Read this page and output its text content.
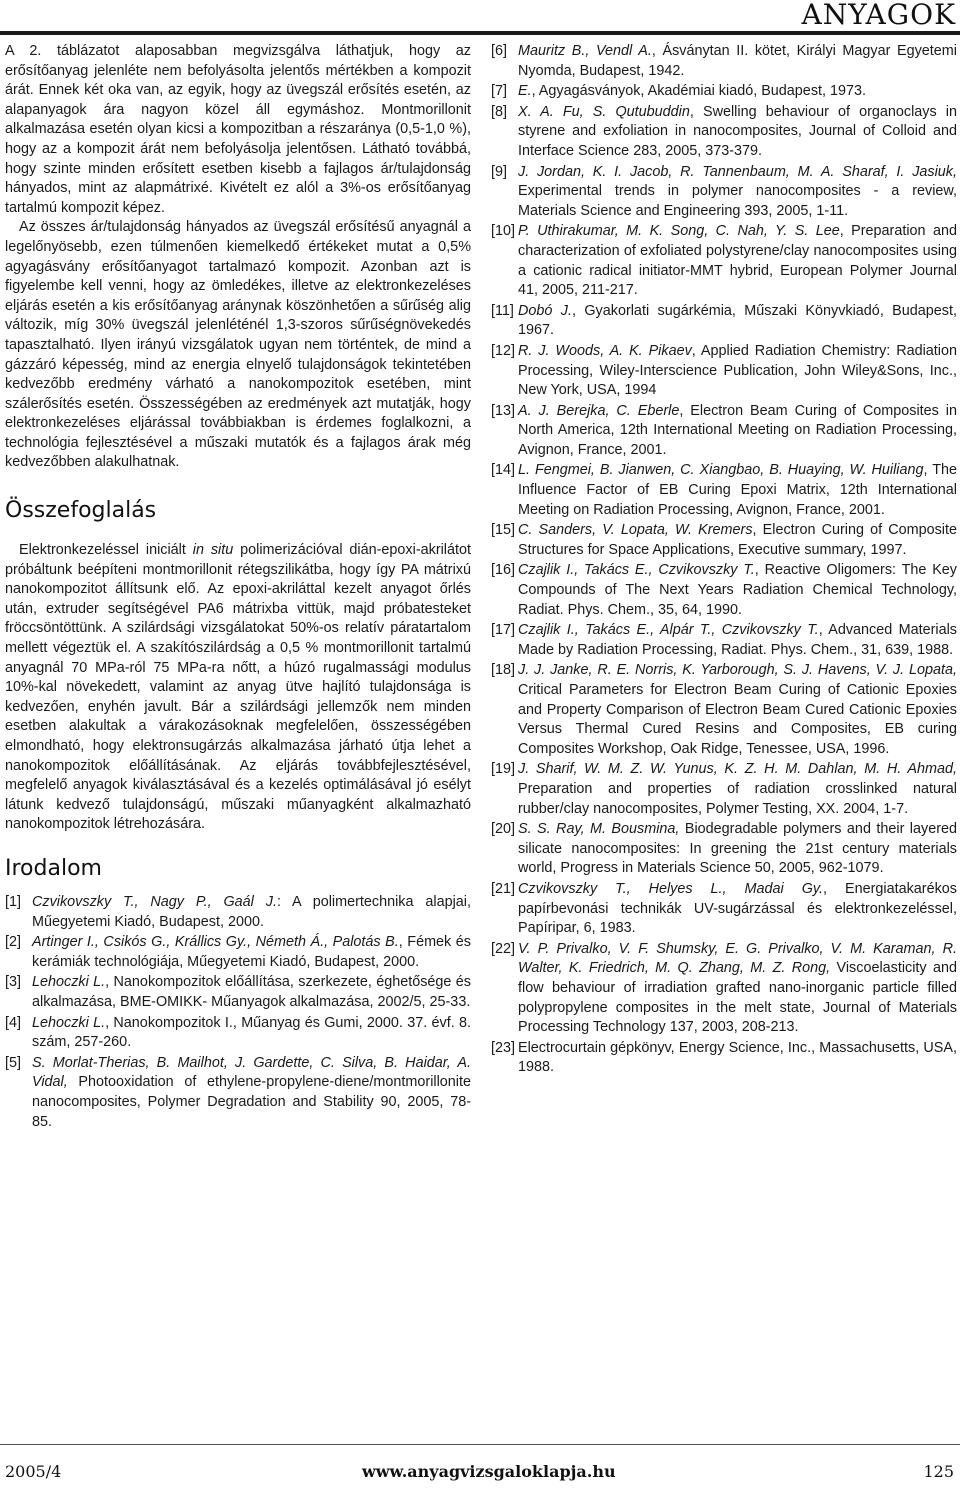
ANYAGOK

A 2. táblázatot alaposabban megvizsgálva láthatjuk, hogy az erősítőanyag jelenléte nem befolyásolta jelentős mértékben a kompozit árát. Ennek két oka van, az egyik, hogy az üvegszál erősítés esetén, az alapanyagok ára nagyon közel áll egymáshoz. Montmorillonit alkalmazása esetén olyan kicsi a kompozitban a részaránya (0,5-1,0 %), hogy az a kompozit árát nem befolyásolja jelentősen. Látható továbbá, hogy szinte minden erősített esetben kisebb a fajlagos ár/tulajdonság hányados, mint az alapmátrixé. Kivételt ez alól a 3%-os erősítőanyag tartalmú kompozit képez.

Az összes ár/tulajdonság hányados az üvegszál erősítésű anyagnál a legelőnyösebb, ezen túlmenően kiemelkedő értékeket mutat a 0,5% agyagásvány erősítőanyagot tartalmazó kompozit. Azonban azt is figyelembe kell venni, hogy az ömledékes, illetve az elektronkezeléses eljárás esetén a kis erősítőanyag aránynak köszönhetően a sűrűség alig változik, míg 30% üvegszál jelenléténél 1,3-szoros sűrűségnövekedés tapasztalható. Ilyen irányú vizsgálatok ugyan nem történtek, de mind a gázzáró képesség, mind az energia elnyelő tulajdonságok tekintetében kedvezőbb eredmény várható a nanokompozitok esetében, mint szálerősítés esetén. Összességében az eredmények azt mutatják, hogy elektronkezeléses eljárással továbbiakban is érdemes foglalkozni, a technológia fejlesztésével a műszaki mutatók és a fajlagos árak még kedvezőbben alakulhatnak.

Összefoglalás

Elektronkezeléssel iniciált in situ polimerizációval dián-epoxi-akrilátot próbáltunk beépíteni montmorillonit rétegszilikátba, hogy így PA mátrixú nanokompozitot állítsunk elő. Az epoxi-akriláttal kezelt anyagot őrlés után, extruder segítségével PA6 mátrixba vittük, majd próbatesteket fröccsöntöttünk. A szilárdsági vizsgálatokat 50%-os relatív páratartalom mellett végeztük el. A szakítószilárdság a 0,5 % montmorillonit tartalmú anyagnál 70 MPa-ról 75 MPa-ra nőtt, a húzó rugalmassági modulus 10%-kal növekedett, valamint az anyag ütve hajlító tulajdonsága is kedvezően, enyhén javult. Bár a szilárdsági jellemzők nem minden esetben alakultak a várakozásoknak megfelelően, összességében elmondható, hogy elektronsugárzás alkalmazása járható útja lehet a nanokompozitok előállításának. Az eljárás továbbfejlesztésével, megfelelő anyagok kiválasztásával és a kezelés optimálásával jó esélyt látunk kedvező tulajdonságú, műszaki műanyagként alkalmazható nanokompozitok létrehozására.

Irodalom

[1] Czvikovszky T., Nagy P., Gaál J.: A polimertechnika alapjai, Műegyetemi Kiadó, Budapest, 2000.

[2] Artinger I., Csikós G., Krállics Gy., Németh Á., Palotás B., Fémek és kerámiák technológiája, Műegyetemi Kiadó, Budapest, 2000.

[3] Lehoczki L., Nanokompozitok előállítása, szerkezete, éghetősége és alkalmazása, BME-OMIKK- Műanyagok alkalmazása, 2002/5, 25-33.

[4] Lehoczki L., Nanokompozitok I., Műanyag és Gumi, 2000. 37. évf. 8. szám, 257-260.

[5] S. Morlat-Therias, B. Mailhot, J. Gardette, C. Silva, B. Haidar, A. Vidal, Photooxidation of ethylene-propylene-diene/montmorillonite nanocomposites, Polymer Degradation and Stability 90, 2005, 78-85.

[6] Mauritz B., Vendl A., Ásványtan II. kötet, Királyi Magyar Egyetemi Nyomda, Budapest, 1942.

[7] E., Agyagásványok, Akadémiai kiadó, Budapest, 1973.

[8] X. A. Fu, S. Qutubuddin, Swelling behaviour of organoclays in styrene and exfoliation in nanocomposites, Journal of Colloid and Interface Science 283, 2005, 373-379.

[9] J. Jordan, K. I. Jacob, R. Tannenbaum, M. A. Sharaf, I. Jasiuk, Experimental trends in polymer nanocomposites - a review, Materials Science and Engineering 393, 2005, 1-11.

[10] P. Uthirakumar, M. K. Song, C. Nah, Y. S. Lee, Preparation and characterization of exfoliated polystyrene/clay nanocomposites using a cationic radical initiator-MMT hybrid, European Polymer Journal 41, 2005, 211-217.

[11] Dobó J., Gyakorlati sugárkémia, Műszaki Könyvkiadó, Budapest, 1967.

[12] R. J. Woods, A. K. Pikaev, Applied Radiation Chemistry: Radiation Processing, Wiley-Interscience Publication, John Wiley&Sons, Inc., New York, USA, 1994

[13] A. J. Berejka, C. Eberle, Electron Beam Curing of Composites in North America, 12th International Meeting on Radiation Processing, Avignon, France, 2001.

[14] L. Fengmei, B. Jianwen, C. Xiangbao, B. Huaying, W. Huiliang, The Influence Factor of EB Curing Epoxi Matrix, 12th International Meeting on Radiation Processing, Avignon, France, 2001.

[15] C. Sanders, V. Lopata, W. Kremers, Electron Curing of Composite Structures for Space Applications, Executive summary, 1997.

[16] Czajlik I., Takács E., Czvikovszky T., Reactive Oligomers: The Key Compounds of The Next Years Radiation Chemical Technology, Radiat. Phys. Chem., 35, 64, 1990.

[17] Czajlik I., Takács E., Alpár T., Czvikovszky T., Advanced Materials Made by Radiation Processing, Radiat. Phys. Chem., 31, 639, 1988.

[18] J. J. Janke, R. E. Norris, K. Yarborough, S. J. Havens, V. J. Lopata, Critical Parameters for Electron Beam Curing of Cationic Epoxies and Property Comparison of Electron Beam Cured Cationic Epoxies Versus Thermal Cured Resins and Composites, EB curing Composites Workshop, Oak Ridge, Tenessee, USA, 1996.

[19] J. Sharif, W. M. Z. W. Yunus, K. Z. H. M. Dahlan, M. H. Ahmad, Preparation and properties of radiation crosslinked natural rubber/clay nanocomposites, Polymer Testing, XX. 2004, 1-7.

[20] S. S. Ray, M. Bousmina, Biodegradable polymers and their layered silicate nanocomposites: In greening the 21st century materials world, Progress in Materials Science 50, 2005, 962-1079.

[21] Czvikovszky T., Helyes L., Madai Gy., Energiatakarékos papírbevonási technikák UV-sugárzással és elektronkezeléssel, Papíripar, 6, 1983.

[22] V. P. Privalko, V. F. Shumsky, E. G. Privalko, V. M. Karaman, R. Walter, K. Friedrich, M. Q. Zhang, M. Z. Rong, Viscoelasticity and flow behaviour of irradiation grafted nano-inorganic particle filled polypropylene composites in the melt state, Journal of Materials Processing Technology 137, 2003, 208-213.

[23] Electrocurtain gépkönyv, Energy Science, Inc., Massachusetts, USA, 1988.

2005/4	www.anyagvizsgaloklapja.hu	125
